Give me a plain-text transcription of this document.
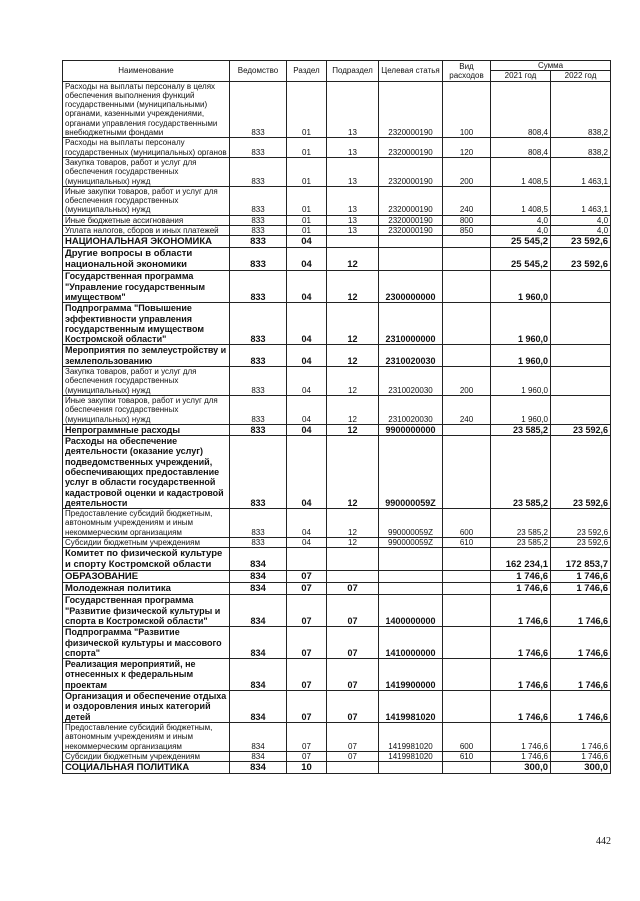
Наименование	Ведомство	Раздел	Подраздел	Целевая статья	Вид расходов	Сумма	
						2021 год	2022 год
Расходы на выплаты персоналу в целях обеспечения выполнения функций государственными (муниципальными) органами, казенными учреждениями, органами управления государственными внебюджетными фондами	833	01	13	2320000190	100	808,4	838,2
Расходы на выплаты персоналу государственных (муниципальных) органов	833	01	13	2320000190	120	808,4	838,2
Закупка товаров, работ и услуг для обеспечения государственных (муниципальных) нужд	833	01	13	2320000190	200	1 408,5	1 463,1
Иные закупки товаров, работ и услуг для обеспечения государственных (муниципальных) нужд	833	01	13	2320000190	240	1 408,5	1 463,1
Иные бюджетные ассигнования	833	01	13	2320000190	800	4,0	4,0
Уплата налогов, сборов и иных платежей	833	01	13	2320000190	850	4,0	4,0
НАЦИОНАЛЬНАЯ ЭКОНОМИКА	833	04				25 545,2	23 592,6
Другие вопросы в области национальной экономики	833	04	12			25 545,2	23 592,6
Государственная программа "Управление государственным имуществом"	833	04	12	2300000000		1 960,0	
Подпрограмма "Повышение эффективности управления государственным имуществом Костромской области"	833	04	12	2310000000		1 960,0	
Мероприятия по землеустройству и землепользованию	833	04	12	2310020030		1 960,0	
Закупка товаров, работ и услуг для обеспечения государственных (муниципальных) нужд	833	04	12	2310020030	200	1 960,0	
Иные закупки товаров, работ и услуг для обеспечения государственных (муниципальных) нужд	833	04	12	2310020030	240	1 960,0	
Непрограммные расходы	833	04	12	9900000000		23 585,2	23 592,6
Расходы на обеспечение деятельности (оказание услуг) подведомственных учреждений, обеспечивающих предоставление услуг в области государственной кадастровой оценки и кадастровой деятельности	833	04	12	990000059Z		23 585,2	23 592,6
Предоставление субсидий бюджетным, автономным учреждениям и иным некоммерческим организациям	833	04	12	990000059Z	600	23 585,2	23 592,6
Субсидии бюджетным учреждениям	833	04	12	990000059Z	610	23 585,2	23 592,6
Комитет по физической культуре и спорту Костромской области	834					162 234,1	172 853,7
ОБРАЗОВАНИЕ	834	07				1 746,6	1 746,6
Молодежная политика	834	07	07			1 746,6	1 746,6
Государственная программа "Развитие физической культуры и спорта в Костромской области"	834	07	07	1400000000		1 746,6	1 746,6
Подпрограмма "Развитие физической культуры и массового спорта"	834	07	07	1410000000		1 746,6	1 746,6
Реализация мероприятий, не отнесенных к федеральным проектам	834	07	07	1419900000		1 746,6	1 746,6
Организация и обеспечение отдыха и оздоровления иных категорий детей	834	07	07	1419981020		1 746,6	1 746,6
Предоставление субсидий бюджетным, автономным учреждениям и иным некоммерческим организациям	834	07	07	1419981020	600	1 746,6	1 746,6
Субсидии бюджетным учреждениям	834	07	07	1419981020	610	1 746,6	1 746,6
СОЦИАЛЬНАЯ ПОЛИТИКА	834	10				300,0	300,0
442
